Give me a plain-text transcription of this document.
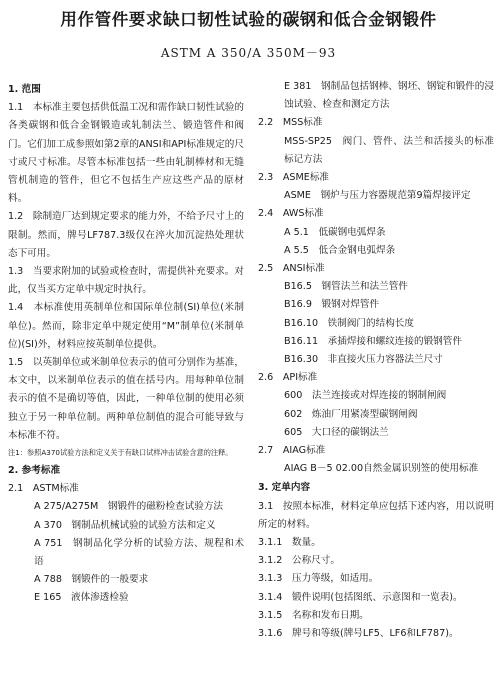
用作管件要求缺口韧性试验的碳钢和低合金钢锻件
ASTM A 350/A 350M－93

1. 范围

1.1　本标准主要包括供低温工况和需作缺口韧性试验的各类碳钢和低合金钢锻造或轧制法兰、锻造管件和阀门。它们加工成参照如第2章的ANSI和API标准规定的尺寸或尺寸标准。尽管本标准包括一些由轧制棒材和无缝管机制造的管件，但它不包括生产应这些产品的原材料。

1.2　除制造厂达到规定要求的能力外，不给予尺寸上的限制。然而，牌号LF787.3级仅在淬火加沉淀热处理状态下可用。

1.3　当要求附加的试验或检查时，需提供补充要求。对此，仅当买方定单中规定时执行。

1.4　本标准使用英制单位和国际单位制(SI)单位(米制单位)。然而，除非定单中规定使用“M”制单位(米制单位)(SI)外，材料应按英制单位提供。

1.5　以英制单位或米制单位表示的值可分别作为基准，本文中，以米制单位表示的值在括号内。用每种单位制表示的值不是确切等值，因此，一种单位制的使用必须独立于另一种单位制。两种单位制值的混合可能导致与本标准不符。

注1：参照A370试验方法和定义关于有缺口试样冲击试验含意的注释。

2. 参考标准

2.1　ASTM标准

A 275/A275M　钢锻件的磁粉检查试验方法

A 370　钢制品机械试验的试验方法和定义

A 751　钢制品化学分析的试验方法、规程和术语

A 788　钢锻件的一般要求

E 165　液体渗透检验

E 381　钢制品包括钢棒、钢坯、钢锭和锻件的浸蚀试验、检查和测定方法

2.2　MSS标准

MSS-SP25　阀门、管件、法兰和活接头的标准标记方法

2.3　ASME标准

ASME　钢炉与压力容器规范第9篇焊接评定

2.4　AWS标准

A 5.1　低碳钢电弧焊条

A 5.5　低合金钢电弧焊条

2.5　ANSI标准

B16.5　钢管法兰和法兰管件

B16.9　锻钢对焊管件

B16.10　铁制阀门的结构长度

B16.11　承插焊接和螺纹连接的锻钢管件

B16.30　非直接火压力容器法兰尺寸

2.6　API标准

600　法兰连接或对焊连接的钢制闸阀

602　炼油厂用紧凑型碳钢闸阀

605　大口径的碳钢法兰

2.7　AIAG标准

AIAG B－5 02.00自然金属识别签的使用标准

3. 定单内容

3.1　按照本标准，材料定单应包括下述内容，用以说明所定的材料。

3.1.1　数量。

3.1.2　公称尺寸。

3.1.3　压力等级，如适用。

3.1.4　锻件说明(包括图纸、示意图和一览表)。

3.1.5　名称和发布日期。

3.1.6　牌号和等级(牌号LF5、LF6和LF787)。
